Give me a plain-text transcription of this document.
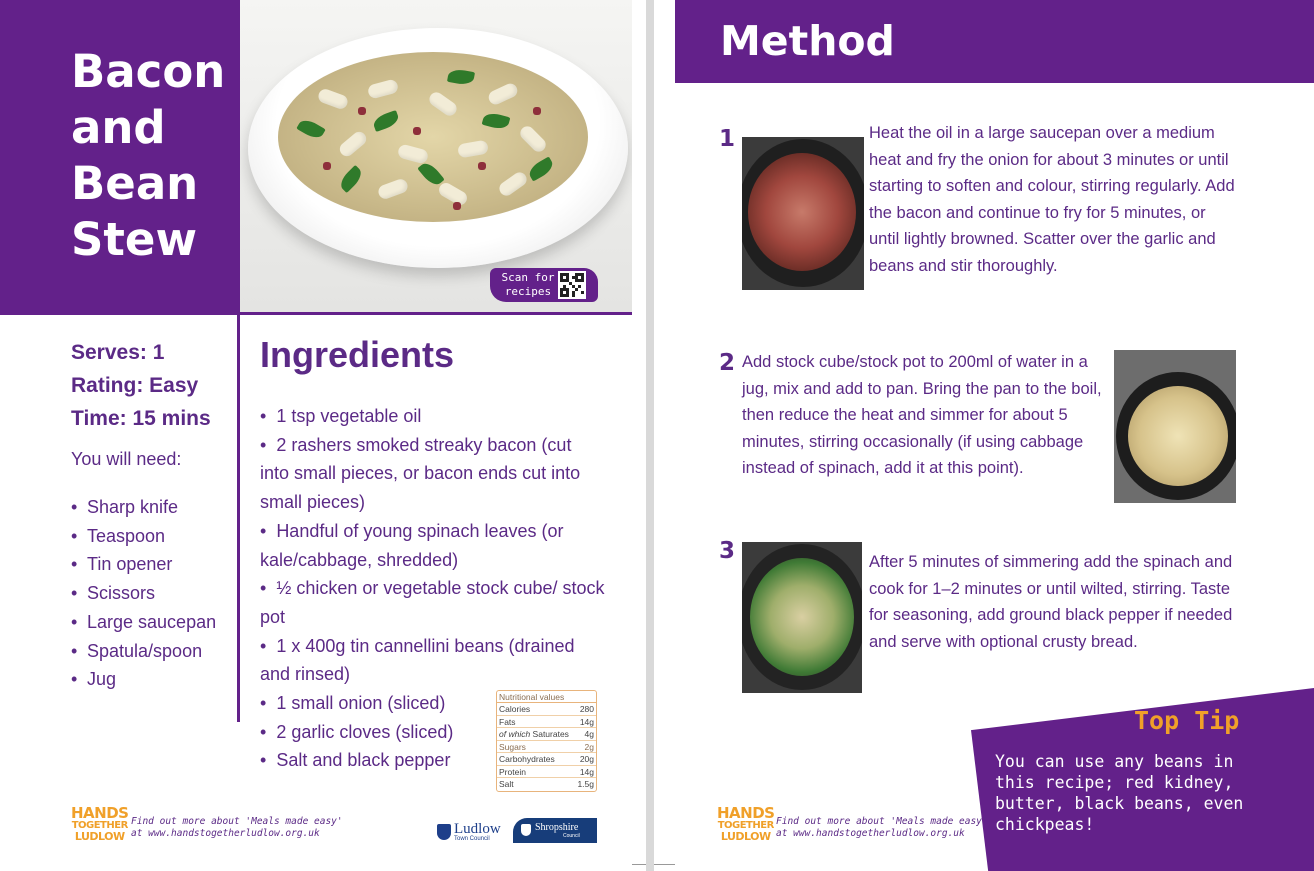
Bacon and Bean Stew
Scan for recipes
Serves: 1
Rating: Easy
Time: 15 mins
You will need:
• Sharp knife
• Teaspoon
• Tin opener
• Scissors
• Large saucepan
• Spatula/spoon
• Jug
Ingredients
• 1 tsp vegetable oil
• 2 rashers smoked streaky bacon (cut into small pieces, or bacon ends cut into small pieces)
• Handful of young spinach leaves (or kale/cabbage, shredded)
• ½ chicken or vegetable stock cube/ stock pot
• 1 x 400g tin cannellini beans (drained and rinsed)
• 1 small onion (sliced)
• 2 garlic cloves (sliced)
• Salt and black pepper
Nutritional values
Calories	280
Fats	14g
of which Saturates 4g
Sugars	2g
Carbohydrates	20g
Protein	14g
Salt	1.5g
HANDS
TOGETHER
LUDLOW
Find out more about 'Meals made easy'
at www.handstogetherludlow.org.uk	Ludlow
Town Council
Shropshire
Council
Method
1	Heat the oil in a large saucepan over a medium heat and fry the onion for about 3 minutes or until starting to soften and colour, stirring regularly. Add the bacon and continue to fry for 5 minutes, or until lightly browned. Scatter over the garlic and beans and stir thoroughly.
2 Add stock cube/stock pot to 200ml of water in a jug, mix and add to pan. Bring the pan to the boil, then reduce the heat and simmer for about 5 minutes, stirring occasionally (if using cabbage instead of spinach, add it at this point).
3	After 5 minutes of simmering add the spinach and cook for 1–2 minutes or until wilted, stirring. Taste for seasoning, add ground black pepper if needed and serve with optional crusty bread.
Top Tip
You can use any beans in this recipe; red kidney, butter, black beans, even chickpeas!
HANDS
TOGETHER
LUDLOW
Find out more about 'Meals made easy'
at www.handstogetherludlow.org.uk
